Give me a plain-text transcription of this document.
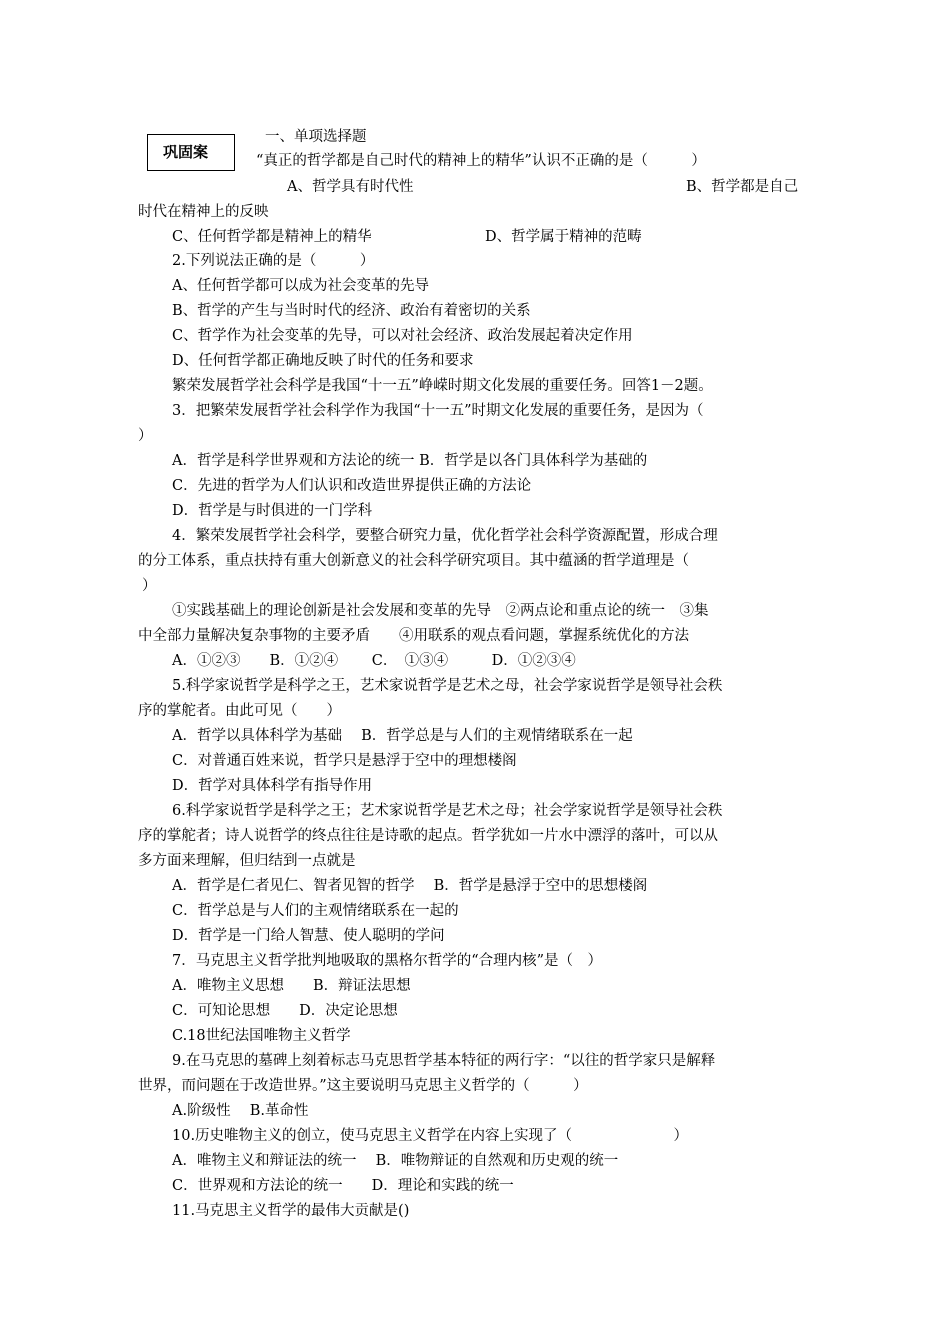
巩固案
一、单项选择题
“真正的哲学都是自己时代的精神上的精华”认识不正确的是（　　　）
A、哲学具有时代性	B、哲学都是自己
时代在精神上的反映
C、任何哲学都是精神上的精华	D、哲学属于精神的范畴
2.下列说法正确的是（　　　）
A、任何哲学都可以成为社会变革的先导
B、哲学的产生与当时时代的经济、政治有着密切的关系
C、哲学作为社会变革的先导，可以对社会经济、政治发展起着决定作用
D、任何哲学都正确地反映了时代的任务和要求
繁荣发展哲学社会科学是我国“十一五”峥嵘时期文化发展的重要任务。回答1－2题。
3．把繁荣发展哲学社会科学作为我国“十一五”时期文化发展的重要任务，是因为（
）
A．哲学是科学世界观和方法论的统一 B．哲学是以各门具体科学为基础的
C．先进的哲学为人们认识和改造世界提供正确的方法论
D．哲学是与时俱进的一门学科
4．繁荣发展哲学社会科学，要整合研究力量，优化哲学社会科学资源配置，形成合理
的分工体系，重点扶持有重大创新意义的社会科学研究项目。其中蕴涵的哲学道理是（
）
①实践基础上的理论创新是社会发展和变革的先导　②两点论和重点论的统一　③集
中全部力量解决复杂事物的主要矛盾　　④用联系的观点看问题，掌握系统优化的方法
A．①②③　　B．①②④　　 C．　①③④　　　D．①②③④
5.科学家说哲学是科学之王，艺术家说哲学是艺术之母，社会学家说哲学是领导社会秩
序的掌舵者。由此可见（　　）
A．哲学以具体科学为基础　 B．哲学总是与人们的主观情绪联系在一起
C．对普通百姓来说，哲学只是悬浮于空中的理想楼阁
D．哲学对具体科学有指导作用
6.科学家说哲学是科学之王；艺术家说哲学是艺术之母；社会学家说哲学是领导社会秩
序的掌舵者；诗人说哲学的终点往往是诗歌的起点。哲学犹如一片水中漂浮的落叶，可以从
多方面来理解，但归结到一点就是
A．哲学是仁者见仁、智者见智的哲学　 B．哲学是悬浮于空中的思想楼阁
C．哲学总是与人们的主观情绪联系在一起的
D．哲学是一门给人智慧、使人聪明的学问
7．马克思主义哲学批判地吸取的黑格尔哲学的“合理内核”是（　）
A．唯物主义思想　　B．辩证法思想
C．可知论思想　　D．决定论思想
C.18世纪法国唯物主义哲学
9.在马克思的墓碑上刻着标志马克思哲学基本特征的两行字：“以往的哲学家只是解释
世界，而问题在于改造世界。”这主要说明马克思主义哲学的（　　　）
A.阶级性　 B.革命性
10.历史唯物主义的创立，使马克思主义哲学在内容上实现了（　　　　　　　）
A．唯物主义和辩证法的统一　 B．唯物辩证的自然观和历史观的统一
C．世界观和方法论的统一　　D．理论和实践的统一
11.马克思主义哲学的最伟大贡献是()
